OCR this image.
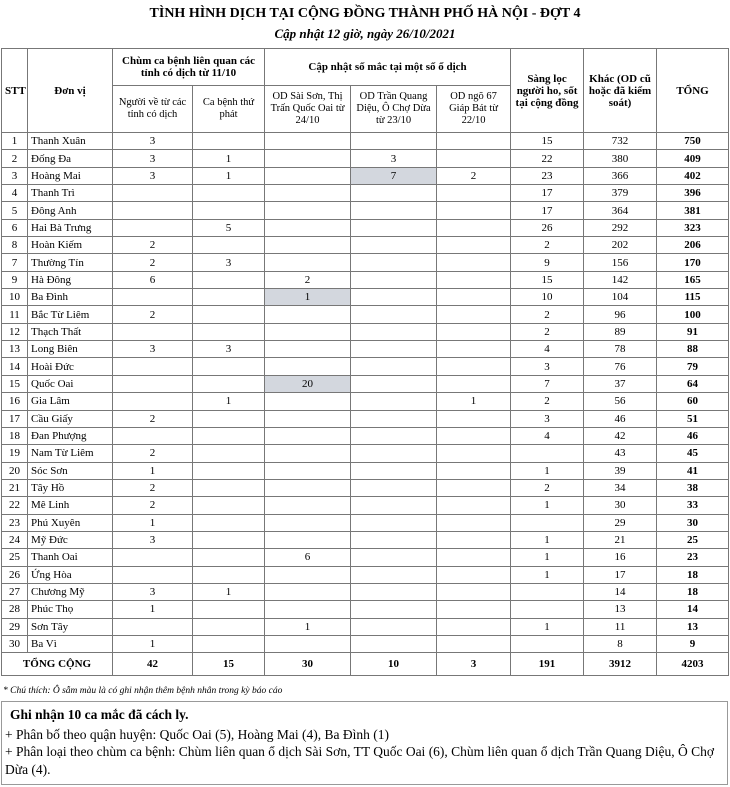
TÌNH HÌNH DỊCH TẠI CỘNG ĐỒNG THÀNH PHỐ HÀ NỘI - ĐỢT 4
Cập nhật 12 giờ, ngày 26/10/2021
STT	Đơn vị	Chùm ca bệnh liên quan các tỉnh có dịch từ 11/10		Cập nhật số mắc tại một số ổ dịch			Sàng lọc người ho, sốt tại cộng đồng	Khác (OD cũ hoặc đã kiểm soát)	TỔNG
		Người về từ các tỉnh có dịch	Ca bệnh thứ phát	OD Sài Sơn, Thị Trấn Quốc Oai từ 24/10	OD Trần Quang Diệu, Ô Chợ Dừa từ 23/10	OD ngõ 67 Giáp Bát từ 22/10			
1	Thanh Xuân	3					15	732	750
2	Đống Đa	3	1		3		22	380	409
3	Hoàng Mai	3	1		7	2	23	366	402
4	Thanh Trì						17	379	396
5	Đông Anh						17	364	381
6	Hai Bà Trưng		5				26	292	323
8	Hoàn Kiếm	2					2	202	206
7	Thường Tín	2	3				9	156	170
9	Hà Đông	6		2			15	142	165
10	Ba Đình			1			10	104	115
11	Bắc Từ Liêm	2					2	96	100
12	Thạch Thất						2	89	91
13	Long Biên	3	3				4	78	88
14	Hoài Đức						3	76	79
15	Quốc Oai			20			7	37	64
16	Gia Lâm		1			1	2	56	60
17	Cầu Giấy	2					3	46	51
18	Đan Phượng						4	42	46
19	Nam Từ Liêm	2						43	45
20	Sóc Sơn	1					1	39	41
21	Tây Hồ	2					2	34	38
22	Mê Linh	2					1	30	33
23	Phú Xuyên	1						29	30
24	Mỹ Đức	3					1	21	25
25	Thanh Oai			6			1	16	23
26	Ứng Hòa						1	17	18
27	Chương Mỹ	3	1					14	18
28	Phúc Thọ	1						13	14
29	Sơn Tây			1			1	11	13
30	Ba Vì	1						8	9
TỔNG CỘNG		42	15	30	10	3	191	3912	4203
* Chú thích: Ô sẫm màu là có ghi nhận thêm bệnh nhân trong kỳ báo cáo
Ghi nhận 10 ca mắc đã cách ly.
+ Phân bố theo quận huyện: Quốc Oai (5), Hoàng Mai (4), Ba Đình (1)
+ Phân loại theo chùm ca bệnh: Chùm liên quan ổ dịch Sài Sơn, TT Quốc Oai (6), Chùm liên quan ổ dịch Trần Quang Diệu, Ô Chợ Dừa (4).
